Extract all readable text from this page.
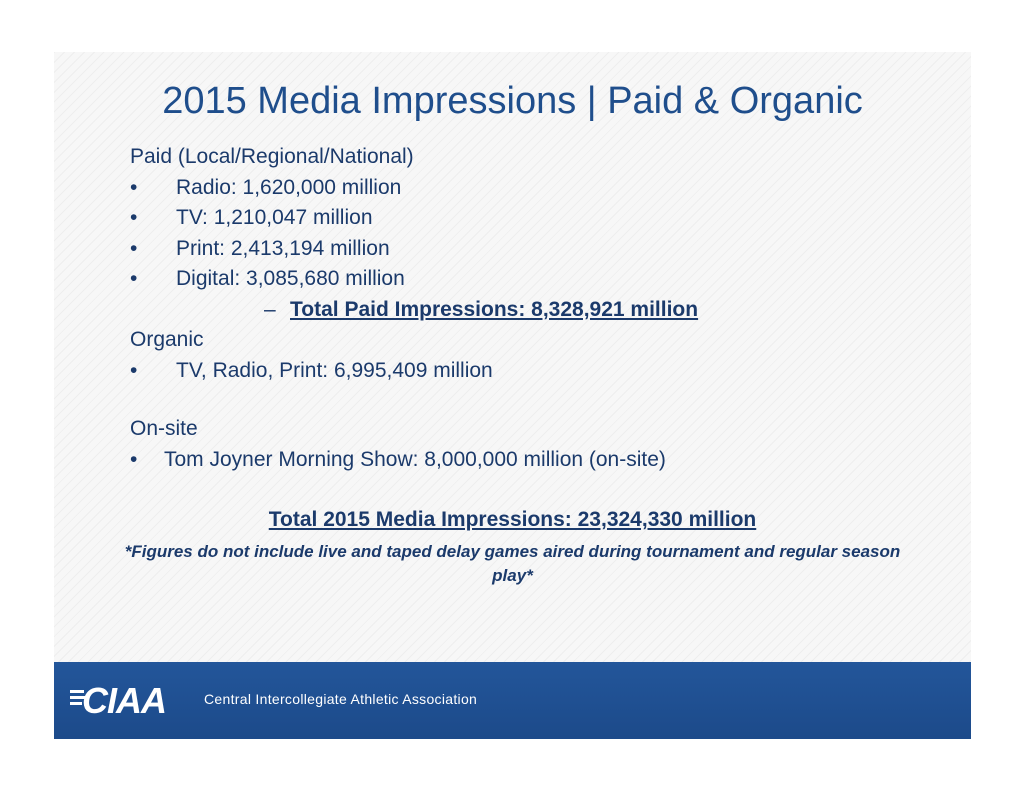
2015 Media Impressions | Paid & Organic
Paid (Local/Regional/National)
• Radio: 1,620,000 million
• TV: 1,210,047 million
• Print: 2,413,194 million
• Digital: 3,085,680 million
– Total Paid Impressions: 8,328,921 million
Organic
• TV, Radio, Print: 6,995,409 million
On-site
• Tom Joyner Morning Show: 8,000,000 million (on-site)
Total 2015 Media Impressions: 23,324,330 million
*Figures do not include live and taped delay games aired during tournament and regular season play*
CIAA	Central Intercollegiate Athletic Association
